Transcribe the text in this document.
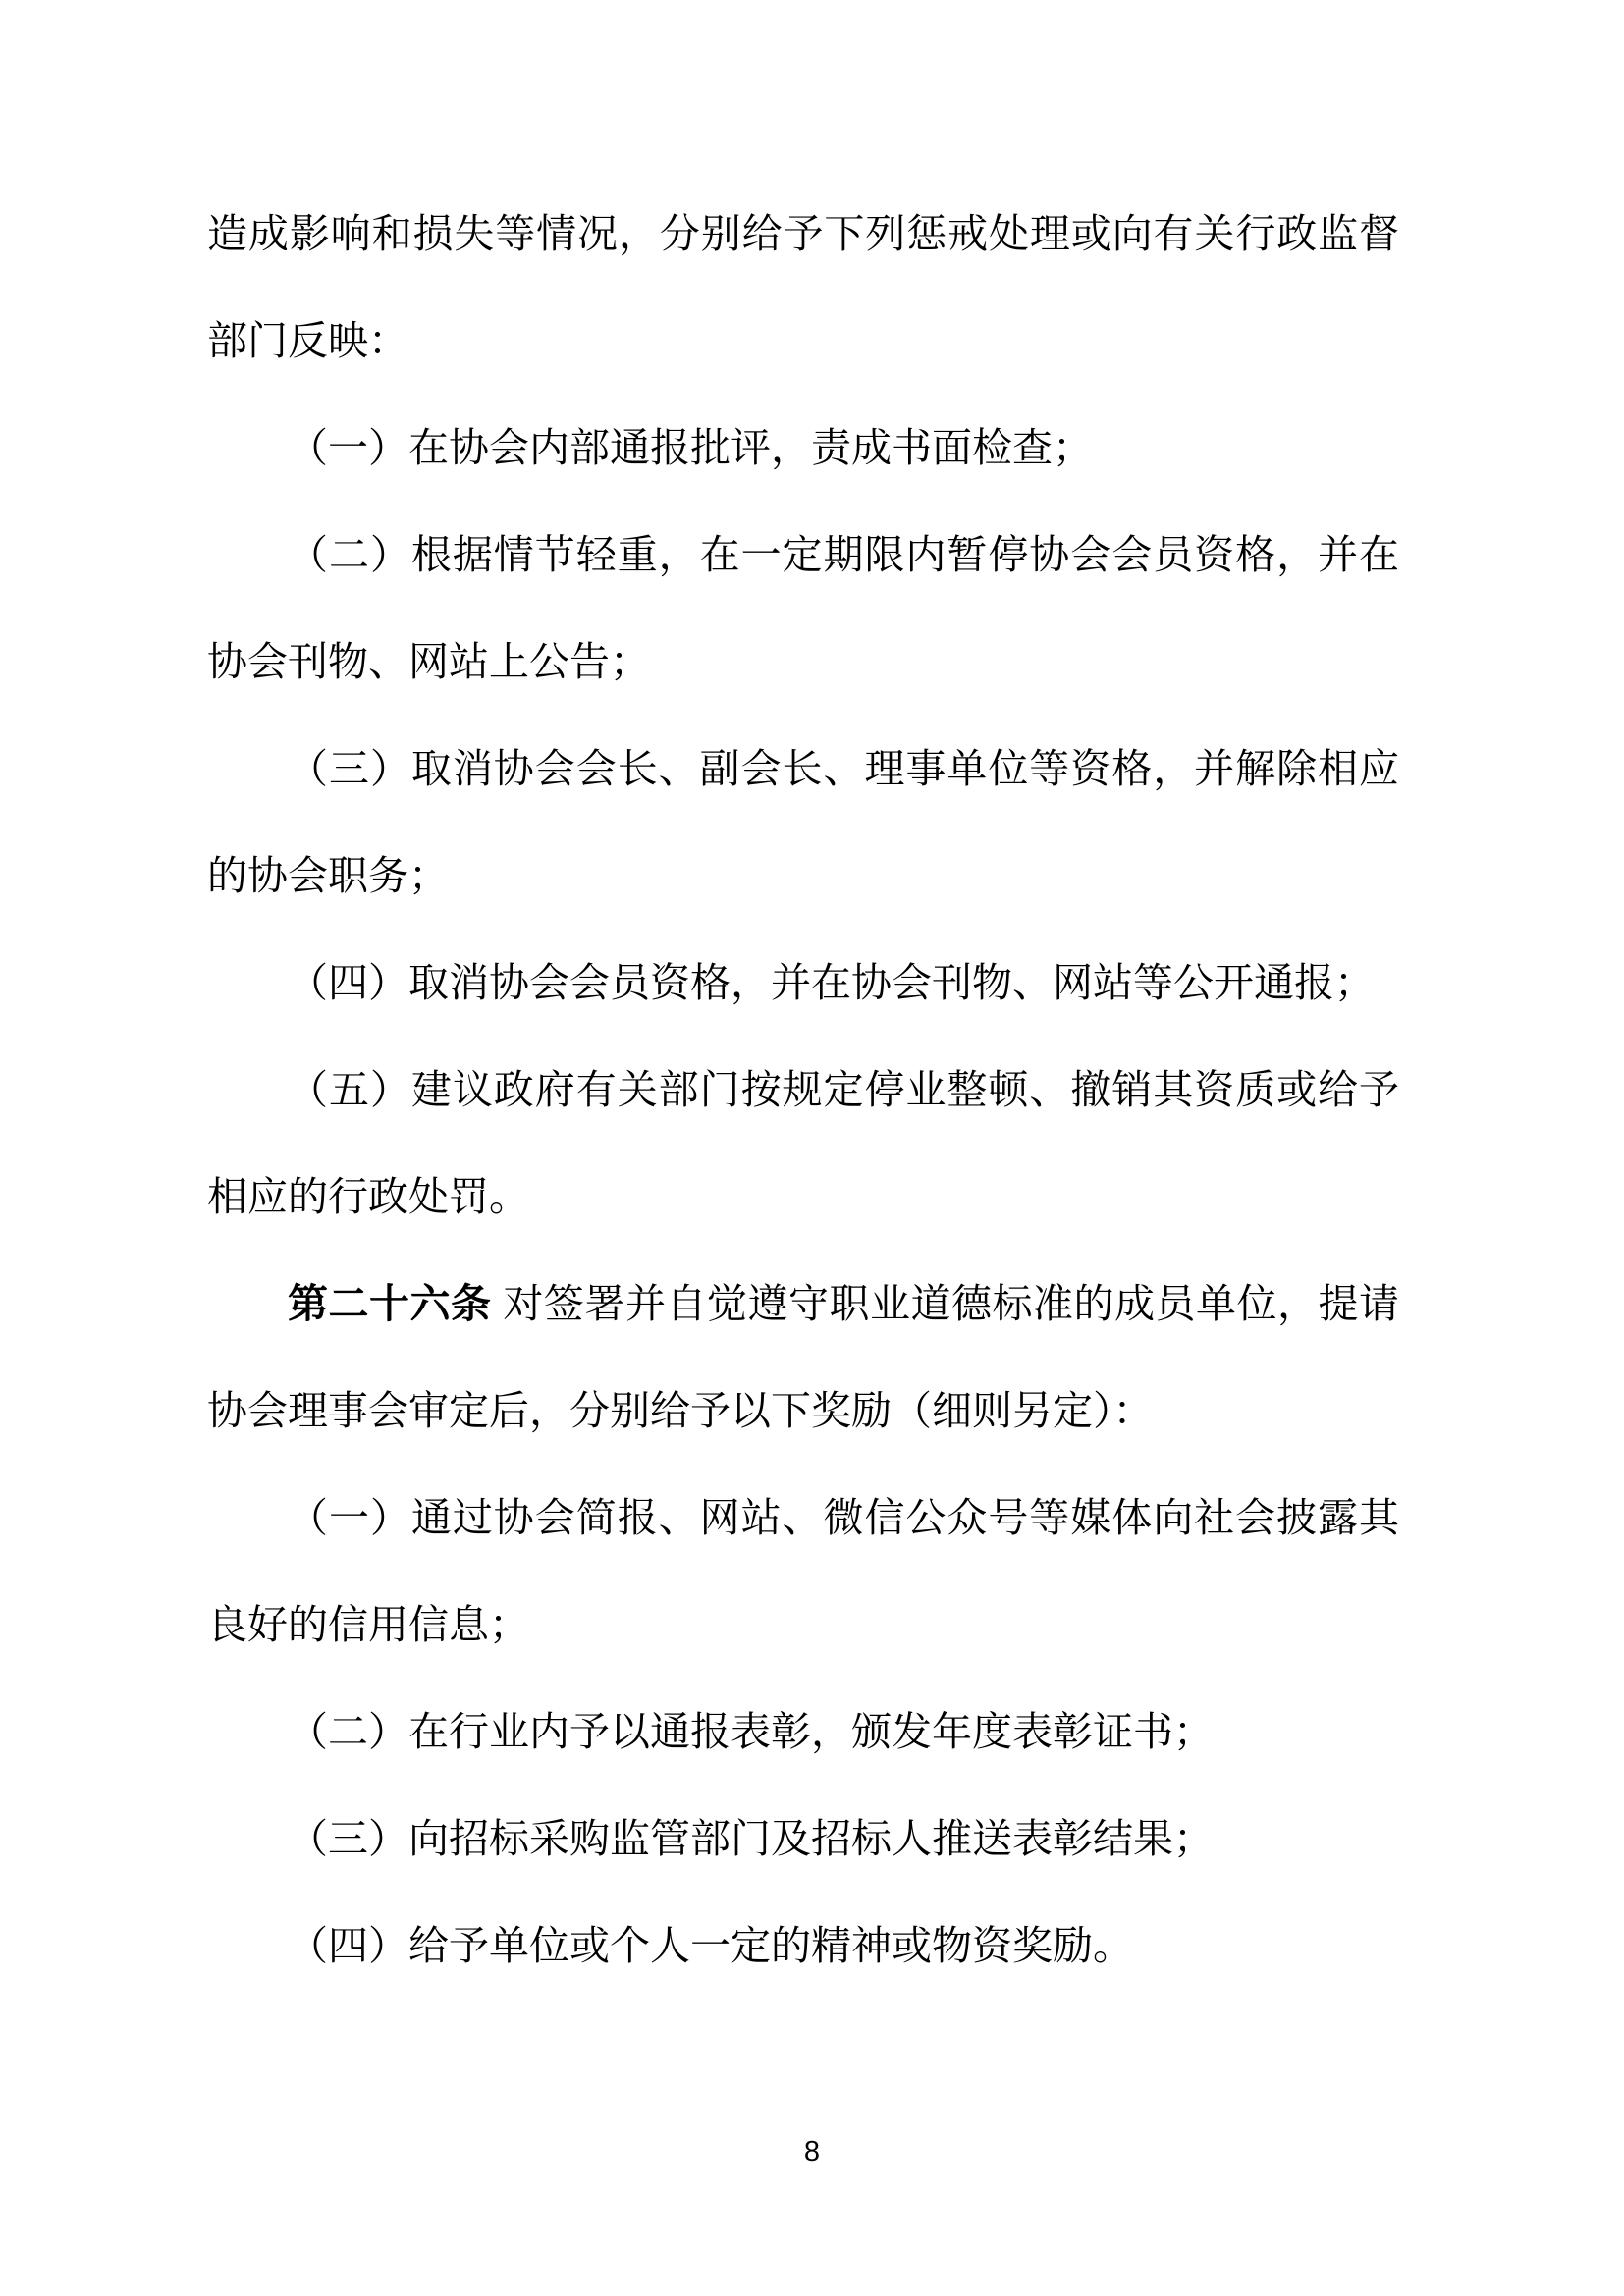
造成影响和损失等情况，分别给予下列惩戒处理或向有关行政监督
部门反映：
（一）在协会内部通报批评，责成书面检查；
（二）根据情节轻重，在一定期限内暂停协会会员资格，并在
协会刊物、网站上公告；
（三）取消协会会长、副会长、理事单位等资格，并解除相应
的协会职务；
（四）取消协会会员资格，并在协会刊物、网站等公开通报；
（五）建议政府有关部门按规定停业整顿、撤销其资质或给予
相应的行政处罚。
第二十六条 对签署并自觉遵守职业道德标准的成员单位，提请
协会理事会审定后，分别给予以下奖励（细则另定）：
（一）通过协会简报、网站、微信公众号等媒体向社会披露其
良好的信用信息；
（二）在行业内予以通报表彰，颁发年度表彰证书；
（三）向招标采购监管部门及招标人推送表彰结果；
（四）给予单位或个人一定的精神或物资奖励。
8
